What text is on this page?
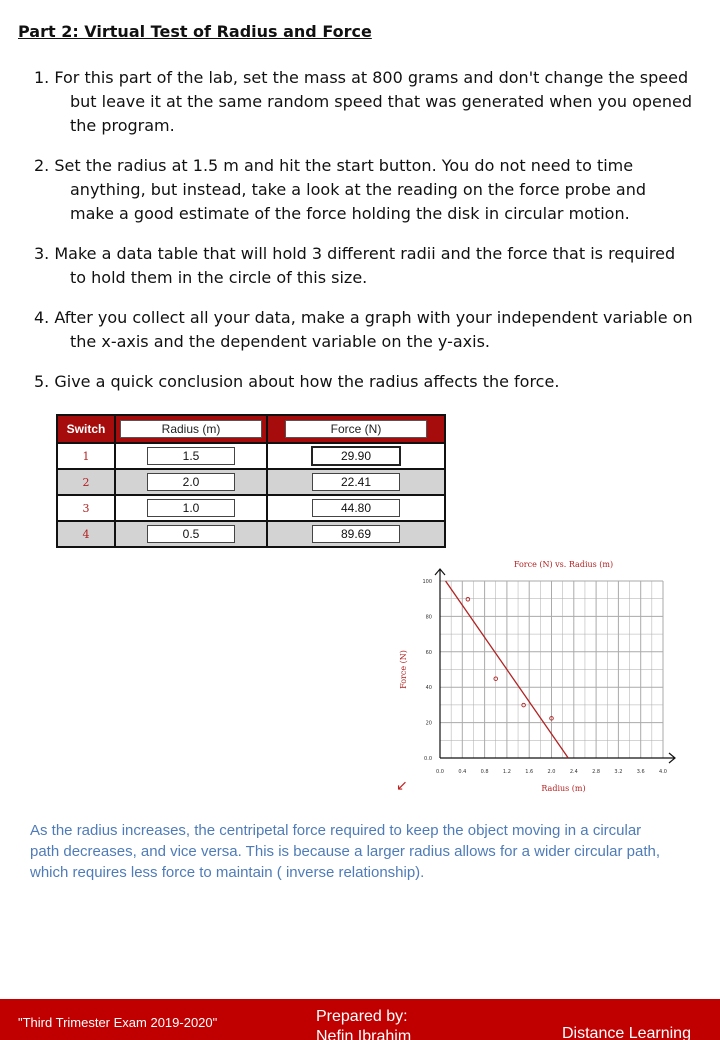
Part 2: Virtual Test of Radius and Force
1. For this part of the lab, set the mass at 800 grams and don't change the speed but leave it at the same random speed that was generated when you opened the program.
2. Set the radius at 1.5 m and hit the start button. You do not need to time anything, but instead, take a look at the reading on the force probe and make a good estimate of the force holding the disk in circular motion.
3. Make a data table that will hold 3 different radii and the force that is required to hold them in the circle of this size.
4. After you collect all your data, make a graph with your independent variable on the x-axis and the dependent variable on the y-axis.
5. Give a quick conclusion about how the radius affects the force.
Switch	Radius (m)	Force (N)
1	1.5	29.90
2	2.0	22.41
3	1.0	44.80
4	0.5	89.69
Force (N) vs. Radius (m)
Radius (m)
Force (N)
0.0	0.4	0.8	1.2	1.6	2.0	2.4	2.8	3.2	3.6	4.0
0.0
20
40
60
80
100
↙
As the radius increases, the centripetal force required to keep the object moving in a circular path decreases, and vice versa. This is because a larger radius allows for a wider circular path, which requires less force to maintain ( inverse relationship).
"Third Trimester Exam 2019-2020"	Prepared by:
Nefin Ibrahim	Distance Learning
